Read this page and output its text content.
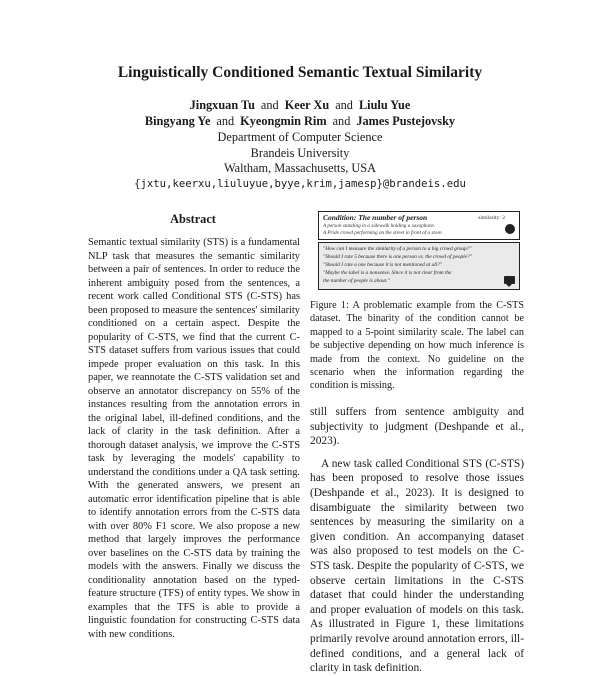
Linguistically Conditioned Semantic Textual Similarity
Jingxuan Tu and Keer Xu and Liulu Yue
Bingyang Ye and Kyeongmin Rim and James Pustejovsky
Department of Computer Science
Brandeis University
Waltham, Massachusetts, USA
{jxtu,keerxu,liuluyue,byye,krim,jamesp}@brandeis.edu
Abstract
Semantic textual similarity (STS) is a fundamental NLP task that measures the semantic similarity between a pair of sentences. In order to reduce the inherent ambiguity posed from the sentences, a recent work called Conditional STS (C-STS) has been proposed to measure the sentences' similarity conditioned on a certain aspect. Despite the popularity of C-STS, we find that the current C-STS dataset suffers from various issues that could impede proper evaluation on this task. In this paper, we reannotate the C-STS validation set and observe an annotator discrepancy on 55% of the instances resulting from the annotation errors in the original label, ill-defined conditions, and the lack of clarity in the task definition. After a thorough dataset analysis, we improve the C-STS task by leveraging the models' capability to understand the conditions under a QA task setting. With the generated answers, we present an automatic error identification pipeline that is able to identify annotation errors from the C-STS data with over 80% F1 score. We also propose a new method that largely improves the performance over baselines on the C-STS data by training the models with the answers. Finally we discuss the conditionality annotation based on the typed-feature structure (TFS) of entity types. We show in examples that the TFS is able to provide a linguistic foundation for constructing C-STS data with new conditions.
Condition: The number of person
A person standing in a sidewalk holding a saxophone.
A Pride crowd performing on the street in front of a store.
similarity: 2
"How can I measure the similarity of a person to a big crowd group?"
"Should I rate 5 because there is one person vs. the crowd of people?"
"Should I rate a one because it is not mentioned at all?"
"Maybe the label is a nonsense. Since it is not clear from the
the number of people is about."
Figure 1: A problematic example from the C-STS dataset. The binarity of the condition cannot be mapped to a 5-point similarity scale. The label can be subjective depending on how much inference is made from the context. No guideline on the scenario when the information regarding the condition is missing.

still suffers from sentence ambiguity and subjectivity to judgment (Deshpande et al., 2023).

A new task called Conditional STS (C-STS) has been proposed to resolve those issues (Deshpande et al., 2023). It is designed to disambiguate the similarity between two sentences by measuring the similarity on a given condition. An accompanying dataset was also proposed to test models on the C-STS task. Despite the popularity of C-STS, we observe certain limitations in the C-STS dataset that could hinder the understanding and proper evaluation of models on this task. As illustrated in Figure 1, these limitations primarily revolve around annotation errors, ill-defined conditions, and a general lack of clarity in task definition.
